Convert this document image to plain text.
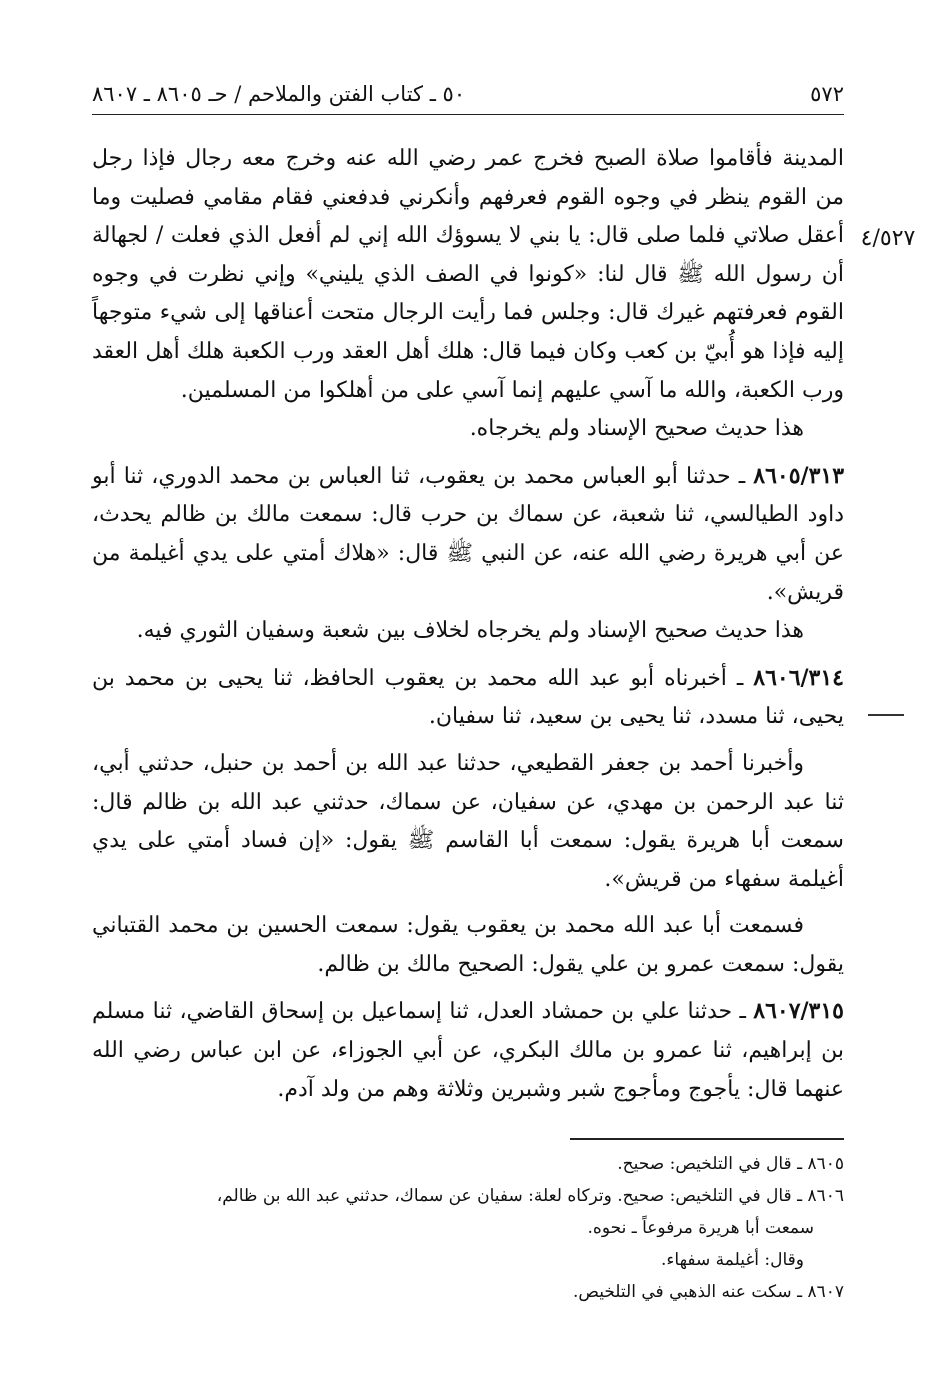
٥٧٢
٥٠ ـ كتاب الفتن والملاحم / حـ ٨٦٠٥ ـ ٨٦٠٧
٤/٥٢٧

المدينة فأقاموا صلاة الصبح فخرج عمر رضي الله عنه وخرج معه رجال فإذا رجل من القوم ينظر في وجوه القوم فعرفهم وأنكرني فدفعني فقام مقامي فصليت وما أعقل صلاتي فلما صلى قال: يا بني لا يسوؤك الله إني لم أفعل الذي فعلت / لجهالة أن رسول الله ﷺ قال لنا: «كونوا في الصف الذي يليني» وإني نظرت في وجوه القوم فعرفتهم غيرك قال: وجلس فما رأيت الرجال متحت أعناقها إلى شيء متوجهاً إليه فإذا هو أُبيّ بن كعب وكان فيما قال: هلك أهل العقد ورب الكعبة هلك أهل العقد ورب الكعبة، والله ما آسي عليهم إنما آسي على من أهلكوا من المسلمين.

هذا حديث صحيح الإسناد ولم يخرجاه.

٨٦٠٥/٣١٣ ـ حدثنا أبو العباس محمد بن يعقوب، ثنا العباس بن محمد الدوري، ثنا أبو داود الطيالسي، ثنا شعبة، عن سماك بن حرب قال: سمعت مالك بن ظالم يحدث، عن أبي هريرة رضي الله عنه، عن النبي ﷺ قال: «هلاك أمتي على يدي أغيلمة من قريش».

هذا حديث صحيح الإسناد ولم يخرجاه لخلاف بين شعبة وسفيان الثوري فيه.

٨٦٠٦/٣١٤ ـ أخبرناه أبو عبد الله محمد بن يعقوب الحافظ، ثنا يحيى بن محمد بن يحيى، ثنا مسدد، ثنا يحيى بن سعيد، ثنا سفيان.

وأخبرنا أحمد بن جعفر القطيعي، حدثنا عبد الله بن أحمد بن حنبل، حدثني أبي، ثنا عبد الرحمن بن مهدي، عن سفيان، عن سماك، حدثني عبد الله بن ظالم قال: سمعت أبا هريرة يقول: سمعت أبا القاسم ﷺ يقول: «إن فساد أمتي على يدي أغيلمة سفهاء من قريش».

فسمعت أبا عبد الله محمد بن يعقوب يقول: سمعت الحسين بن محمد القتباني يقول: سمعت عمرو بن علي يقول: الصحيح مالك بن ظالم.

٨٦٠٧/٣١٥ ـ حدثنا علي بن حمشاد العدل، ثنا إسماعيل بن إسحاق القاضي، ثنا مسلم بن إبراهيم، ثنا عمرو بن مالك البكري، عن أبي الجوزاء، عن ابن عباس رضي الله عنهما قال: يأجوج ومأجوج شبر وشبرين وثلاثة وهم من ولد آدم.

٨٦٠٥ ـ قال في التلخيص: صحيح.

٨٦٠٦ ـ قال في التلخيص: صحيح. وتركاه لعلة: سفيان عن سماك، حدثني عبد الله بن ظالم،

سمعت أبا هريرة مرفوعاً ـ نحوه.

وقال: أغيلمة سفهاء.

٨٦٠٧ ـ سكت عنه الذهبي في التلخيص.
